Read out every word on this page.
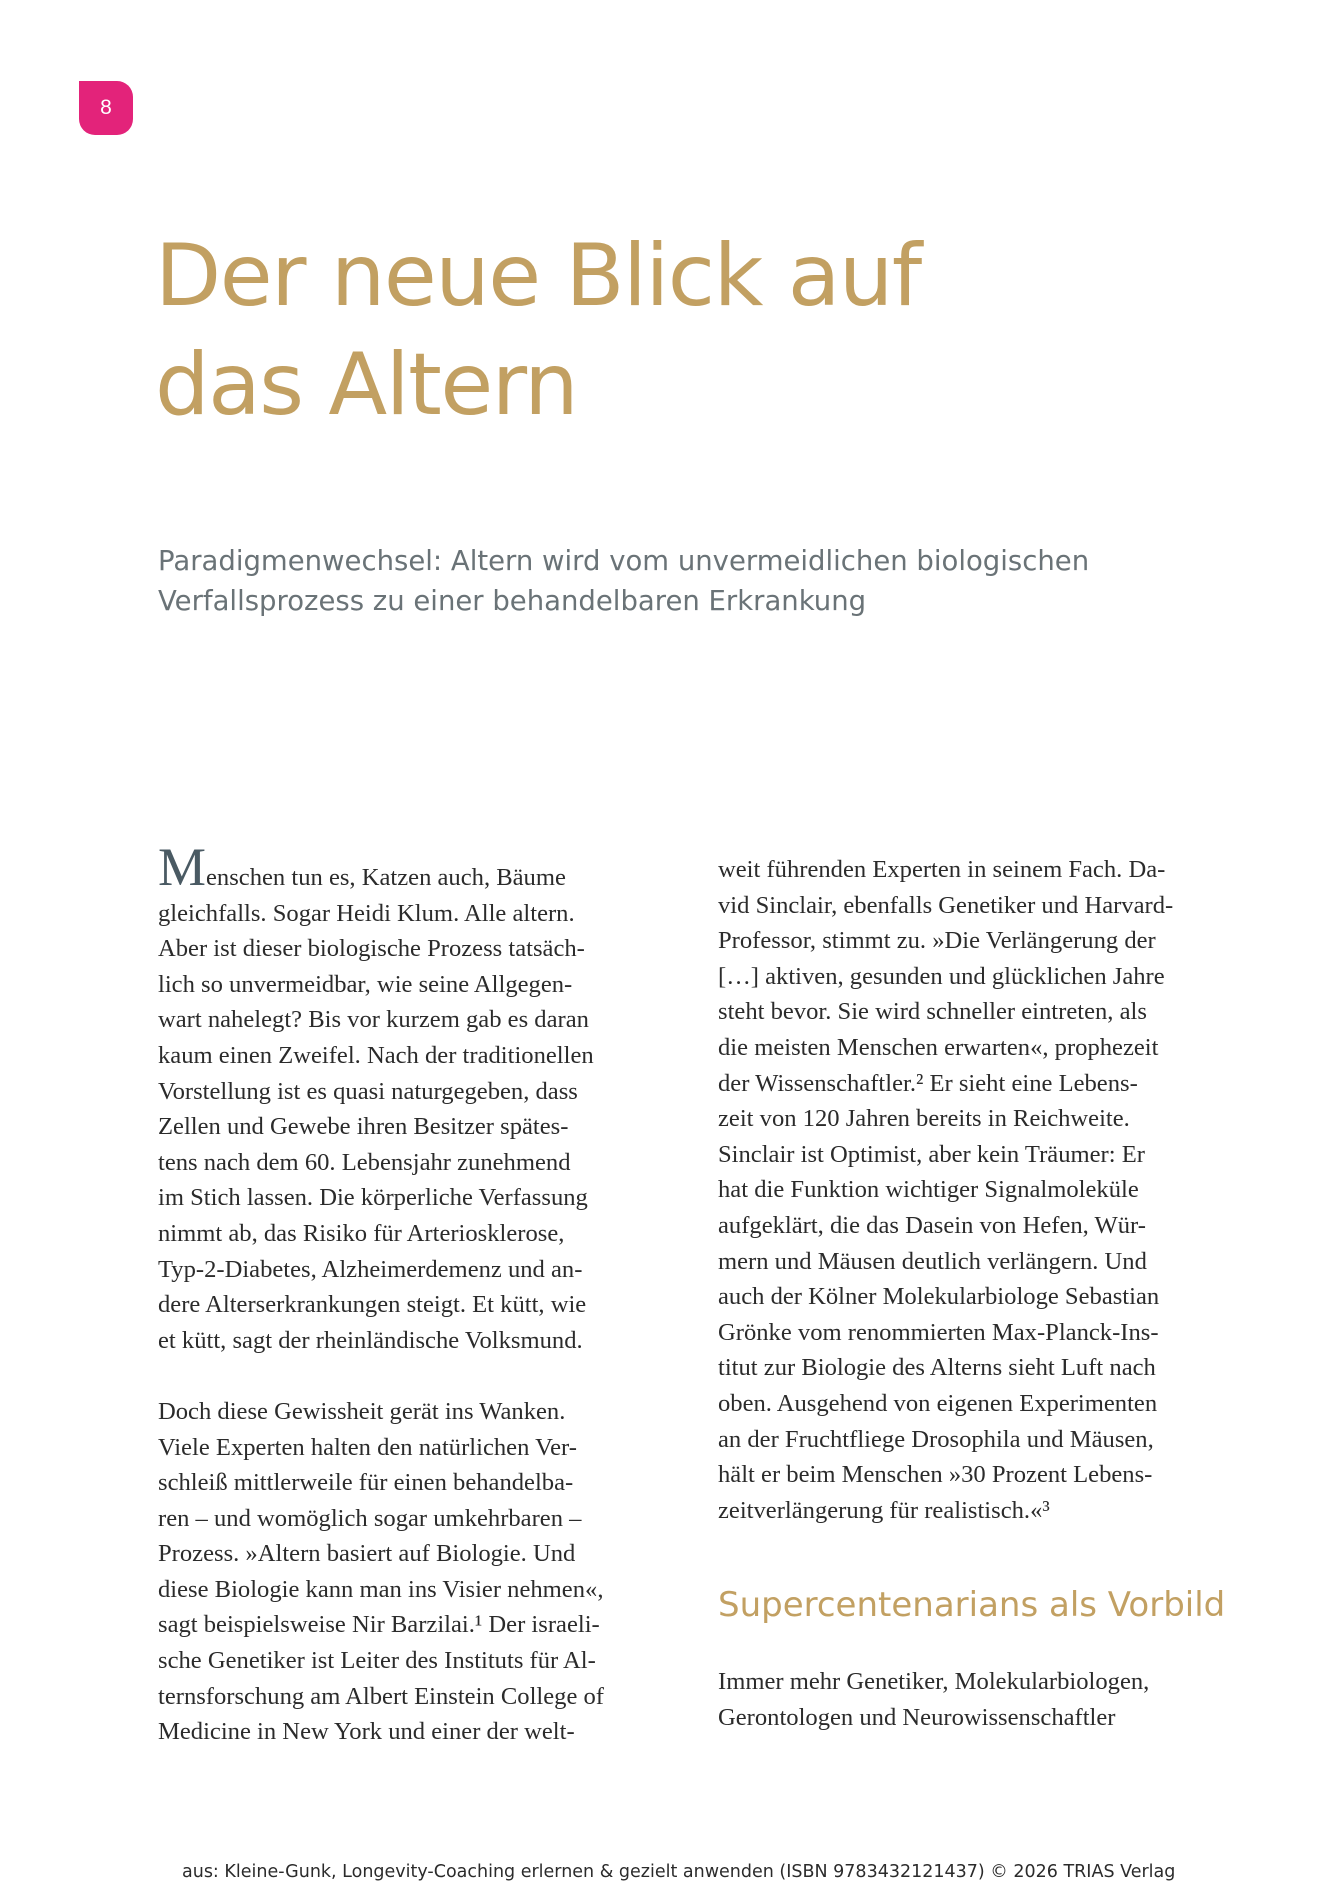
8
Der neue Blick auf
das Altern
Paradigmenwechsel: Altern wird vom unvermeidlichen biologischen
Verfallsprozess zu einer behandelbaren Erkrankung

Menschen tun es, Katzen auch, Bäume
gleichfalls. Sogar Heidi Klum. Alle altern.
Aber ist dieser biologische Prozess tatsäch-
lich so unvermeidbar, wie seine Allgegen-
wart nahelegt? Bis vor kurzem gab es daran
kaum einen Zweifel. Nach der traditionellen
Vorstellung ist es quasi naturgegeben, dass
Zellen und Gewebe ihren Besitzer spätes-
tens nach dem 60. Lebensjahr zunehmend
im Stich lassen. Die körperliche Verfassung
nimmt ab, das Risiko für Arteriosklerose,
Typ-2-Diabetes, Alzheimerdemenz und an-
dere Alterserkrankungen steigt. Et kütt, wie
et kütt, sagt der rheinländische Volksmund.

Doch diese Gewissheit gerät ins Wanken.
Viele Experten halten den natürlichen Ver-
schleiß mittlerweile für einen behandelba-
ren – und womöglich sogar umkehrbaren –
Prozess. »Altern basiert auf Biologie. Und
diese Biologie kann man ins Visier nehmen«,
sagt beispielsweise Nir Barzilai.¹ Der israeli-
sche Genetiker ist Leiter des Instituts für Al-
ternsforschung am Albert Einstein College of
Medicine in New York und einer der welt-

weit führenden Experten in seinem Fach. Da-
vid Sinclair, ebenfalls Genetiker und Harvard-
Professor, stimmt zu. »Die Verlängerung der
[…] aktiven, gesunden und glücklichen Jahre
steht bevor. Sie wird schneller eintreten, als
die meisten Menschen erwarten«, prophezeit
der Wissenschaftler.² Er sieht eine Lebens-
zeit von 120 Jahren bereits in Reichweite.
Sinclair ist Optimist, aber kein Träumer: Er
hat die Funktion wichtiger Signalmoleküle
aufgeklärt, die das Dasein von Hefen, Wür-
mern und Mäusen deutlich verlängern. Und
auch der Kölner Molekularbiologe Sebastian
Grönke vom renommierten Max-Planck-Ins-
titut zur Biologie des Alterns sieht Luft nach
oben. Ausgehend von eigenen Experimenten
an der Fruchtfliege Drosophila und Mäusen,
hält er beim Menschen »30 Prozent Lebens-
zeitverlängerung für realistisch.«³

Supercentenarians als Vorbild

Immer mehr Genetiker, Molekularbiologen,
Gerontologen und Neurowissenschaftler

aus: Kleine-Gunk, Longevity-Coaching erlernen & gezielt anwenden (ISBN 9783432121437) © 2026 TRIAS Verlag
